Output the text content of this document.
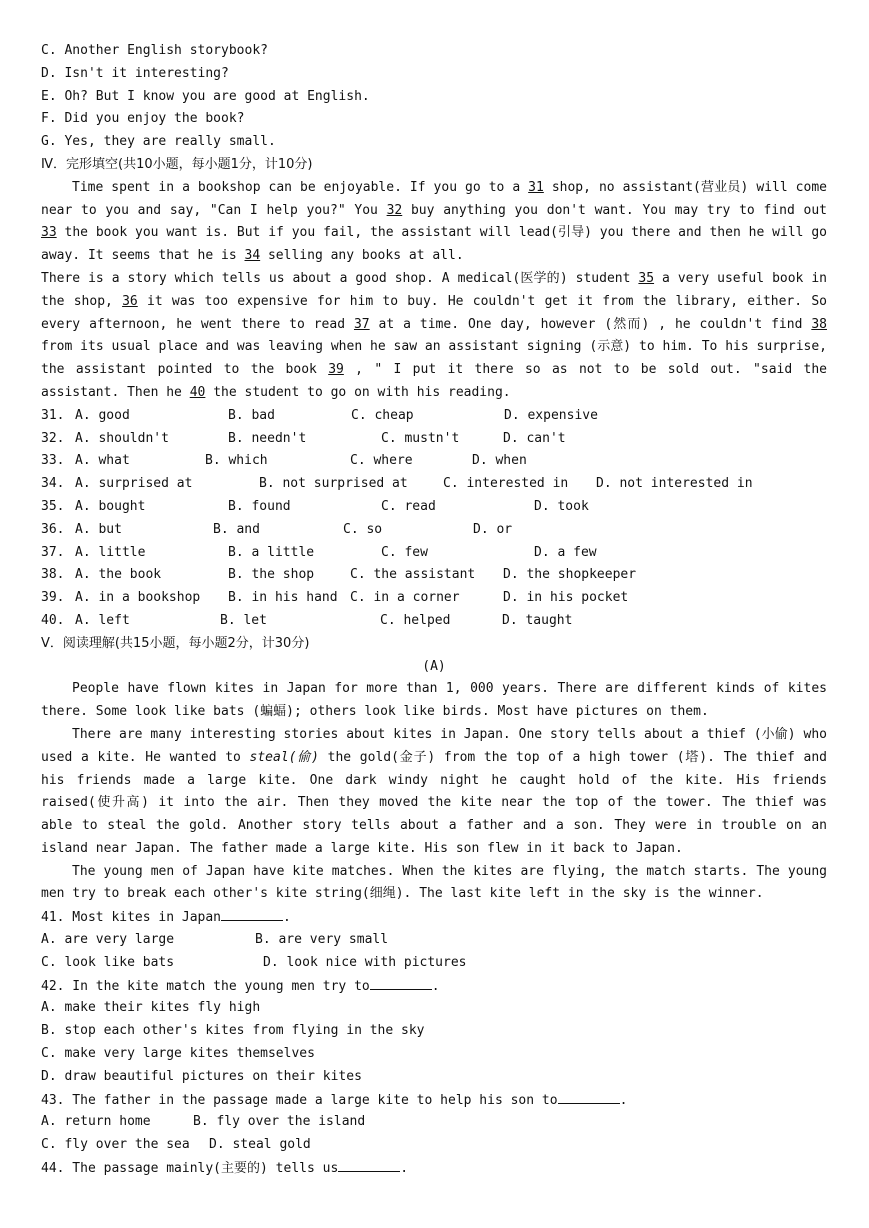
C. Another English storybook?
D. Isn't it interesting?
E. Oh? But I know you are good at English.
F. Did you enjoy the book?
G. Yes, they are really small.
Ⅳ．完形填空(共10小题，每小题1分，计10分)

Time spent in a bookshop can be enjoyable. If you go to a 31 shop, no assistant(营业员) will come near to you and say, "Can I help you?" You 32 buy anything you don't want. You may try to find out 33 the book you want is. But if you fail, the assistant will lead(引导) you there and then he will go away. It seems that he is 34 selling any books at all.

There is a story which tells us about a good shop. A medical(医学的) student 35 a very useful book in the shop, 36 it was too expensive for him to buy. He couldn't get it from the library, either. So every afternoon, he went there to read 37 at a time. One day, however (然而) , he couldn't find 38 from its usual place and was leaving when he saw an assistant signing (示意) to him. To his surprise, the assistant pointed to the book 39 , " I put it there so as not to be sold out. "said the assistant. Then he 40 the student to go on with his reading.

31. A. good	B. bad	C. cheap	D. expensive
32. A. shouldn't	B. needn't	C. mustn't	D. can't
33. A. what	B. which	C. where	D. when
34. A. surprised at	B. not surprised at	C. interested in	D. not interested in
35. A. bought	B. found	C. read	D. took
36. A. but	B. and	C. so	D. or
37. A. little	B. a little	C. few	D. a few
38. A. the book	B. the shop	C. the assistant	D. the shopkeeper
39. A. in a bookshop	B. in his hand C. in a corner	D. in his pocket
40. A. left	B. let	C. helped	D. taught
V．阅读理解(共15小题，每小题2分，计30分)
(A)

People have flown kites in Japan for more than 1, 000 years. There are different kinds of kites there. Some look like bats (蝙蝠); others look like birds. Most have pictures on them.

There are many interesting stories about kites in Japan. One story tells about a thief (小偷) who used a kite. He wanted to steal(偷) the gold(金子) from the top of a high tower (塔). The thief and his friends made a large kite. One dark windy night he caught hold of the kite. His friends raised(使升高) it into the air. Then they moved the kite near the top of the tower. The thief was able to steal the gold. Another story tells about a father and a son. They were in trouble on an island near Japan. The father made a large kite. His son flew in it back to Japan.

The young men of Japan have kite matches. When the kites are flying, the match starts. The young men try to break each other's kite string(细绳). The last kite left in the sky is the winner.

41. Most kites in Japan	.
A. are very large	B. are very small
C. look like bats	D. look nice with pictures
42. In the kite match the young men try to	.
A. make their kites fly high
B. stop each other's kites from flying in the sky
C. make very large kites themselves
D. draw beautiful pictures on their kites
43. The father in the passage made a large kite to help his son to	.
A. return home	B. fly over the island
C. fly over the sea	D. steal gold
44. The passage mainly(主要的) tells us	.
